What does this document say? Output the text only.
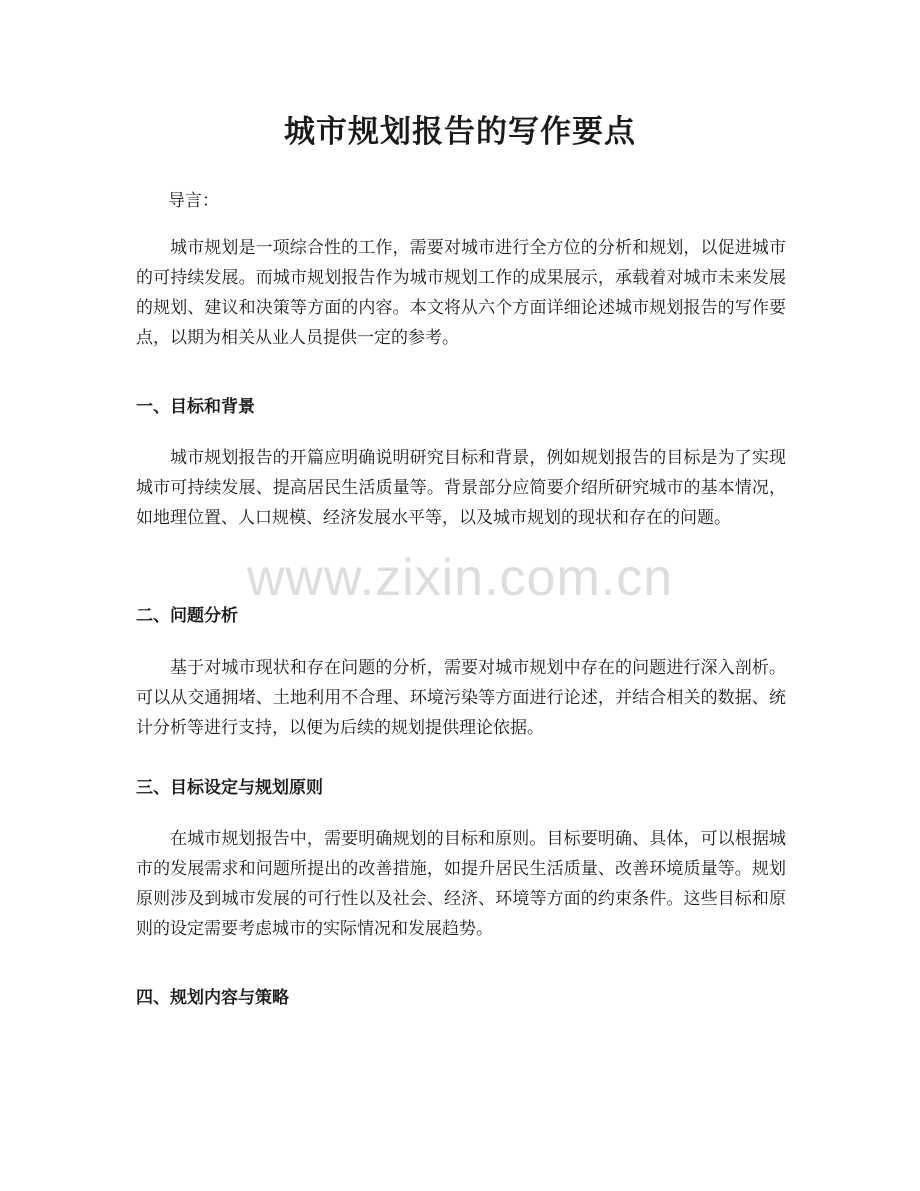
城市规划报告的写作要点

导言：

城市规划是一项综合性的工作，需要对城市进行全方位的分析和规划，以促进城市的可持续发展。而城市规划报告作为城市规划工作的成果展示，承载着对城市未来发展的规划、建议和决策等方面的内容。本文将从六个方面详细论述城市规划报告的写作要点，以期为相关从业人员提供一定的参考。

一、目标和背景

城市规划报告的开篇应明确说明研究目标和背景，例如规划报告的目标是为了实现城市可持续发展、提高居民生活质量等。背景部分应简要介绍所研究城市的基本情况，如地理位置、人口规模、经济发展水平等，以及城市规划的现状和存在的问题。

二、问题分析

基于对城市现状和存在问题的分析，需要对城市规划中存在的问题进行深入剖析。可以从交通拥堵、土地利用不合理、环境污染等方面进行论述，并结合相关的数据、统计分析等进行支持，以便为后续的规划提供理论依据。

三、目标设定与规划原则

在城市规划报告中，需要明确规划的目标和原则。目标要明确、具体，可以根据城市的发展需求和问题所提出的改善措施，如提升居民生活质量、改善环境质量等。规划原则涉及到城市发展的可行性以及社会、经济、环境等方面的约束条件。这些目标和原则的设定需要考虑城市的实际情况和发展趋势。

四、规划内容与策略
www.zixin.com.cn
